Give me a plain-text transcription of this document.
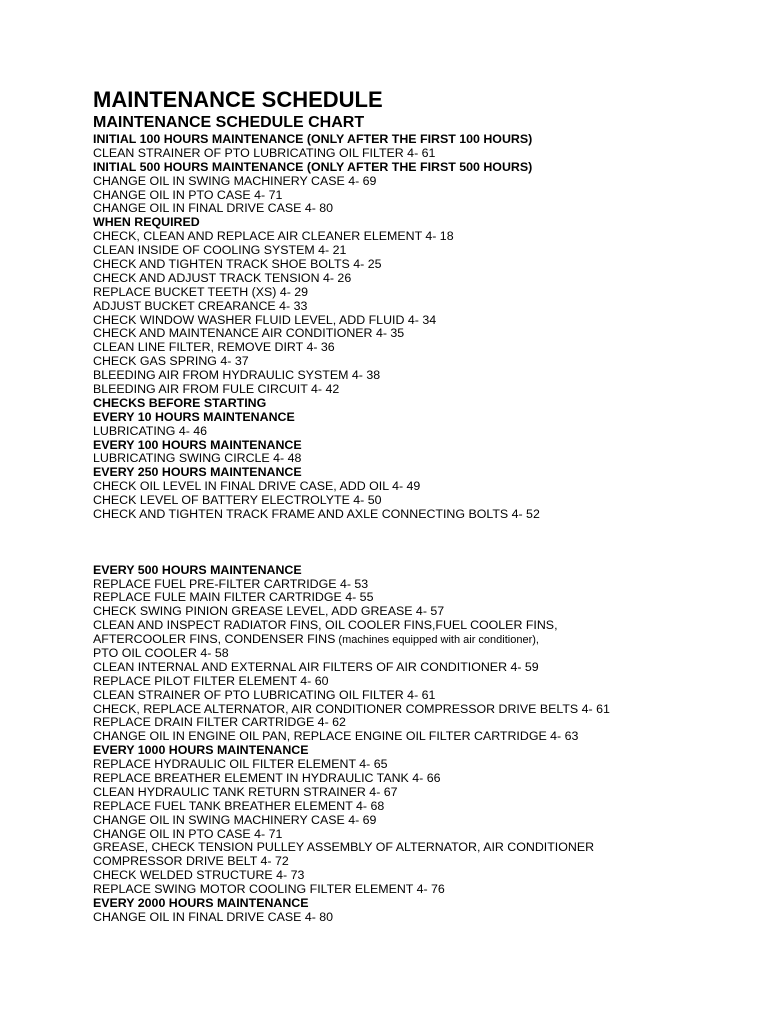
MAINTENANCE SCHEDULE
MAINTENANCE SCHEDULE CHART
INITIAL 100 HOURS MAINTENANCE (ONLY AFTER THE FIRST 100 HOURS)
CLEAN STRAINER OF PTO LUBRICATING OIL FILTER 4- 61
INITIAL 500 HOURS MAINTENANCE (ONLY AFTER THE FIRST 500 HOURS)
CHANGE OIL IN SWING MACHINERY CASE 4- 69
CHANGE OIL IN PTO CASE 4- 71
CHANGE OIL IN FINAL DRIVE CASE 4- 80
WHEN REQUIRED
CHECK, CLEAN AND REPLACE AIR CLEANER ELEMENT 4- 18
CLEAN INSIDE OF COOLING SYSTEM 4- 21
CHECK AND TIGHTEN TRACK SHOE BOLTS 4- 25
CHECK AND ADJUST TRACK TENSION 4- 26
REPLACE BUCKET TEETH (XS) 4- 29
ADJUST BUCKET CREARANCE 4- 33
CHECK WINDOW WASHER FLUID LEVEL, ADD FLUID 4- 34
CHECK AND MAINTENANCE AIR CONDITIONER 4- 35
CLEAN LINE FILTER, REMOVE DIRT 4- 36
CHECK GAS SPRING 4- 37
BLEEDING AIR FROM HYDRAULIC SYSTEM 4- 38
BLEEDING AIR FROM FULE CIRCUIT 4- 42
CHECKS BEFORE STARTING
EVERY 10 HOURS MAINTENANCE
LUBRICATING 4- 46
EVERY 100 HOURS MAINTENANCE
LUBRICATING SWING CIRCLE 4- 48
EVERY 250 HOURS MAINTENANCE
CHECK OIL LEVEL IN FINAL DRIVE CASE, ADD OIL 4- 49
CHECK LEVEL OF BATTERY ELECTROLYTE 4- 50
CHECK AND TIGHTEN TRACK FRAME AND AXLE CONNECTING BOLTS 4- 52
EVERY 500 HOURS MAINTENANCE
REPLACE FUEL PRE-FILTER CARTRIDGE 4- 53
REPLACE FULE MAIN FILTER CARTRIDGE 4- 55
CHECK SWING PINION GREASE LEVEL, ADD GREASE 4- 57
CLEAN AND INSPECT RADIATOR FINS, OIL COOLER FINS,FUEL COOLER FINS,
AFTERCOOLER FINS, CONDENSER FINS (machines equipped with air conditioner),
PTO OIL COOLER 4- 58
CLEAN INTERNAL AND EXTERNAL AIR FILTERS OF AIR CONDITIONER 4- 59
REPLACE PILOT FILTER ELEMENT 4- 60
CLEAN STRAINER OF PTO LUBRICATING OIL FILTER 4- 61
CHECK, REPLACE ALTERNATOR, AIR CONDITIONER COMPRESSOR DRIVE BELTS 4- 61
REPLACE DRAIN FILTER CARTRIDGE 4- 62
CHANGE OIL IN ENGINE OIL PAN, REPLACE ENGINE OIL FILTER CARTRIDGE 4- 63
EVERY 1000 HOURS MAINTENANCE
REPLACE HYDRAULIC OIL FILTER ELEMENT 4- 65
REPLACE BREATHER ELEMENT IN HYDRAULIC TANK 4- 66
CLEAN HYDRAULIC TANK RETURN STRAINER 4- 67
REPLACE FUEL TANK BREATHER ELEMENT 4- 68
CHANGE OIL IN SWING MACHINERY CASE 4- 69
CHANGE OIL IN PTO CASE 4- 71
GREASE, CHECK TENSION PULLEY ASSEMBLY OF ALTERNATOR, AIR CONDITIONER
COMPRESSOR DRIVE BELT 4- 72
CHECK WELDED STRUCTURE 4- 73
REPLACE SWING MOTOR COOLING FILTER ELEMENT 4- 76
EVERY 2000 HOURS MAINTENANCE
CHANGE OIL IN FINAL DRIVE CASE 4- 80
